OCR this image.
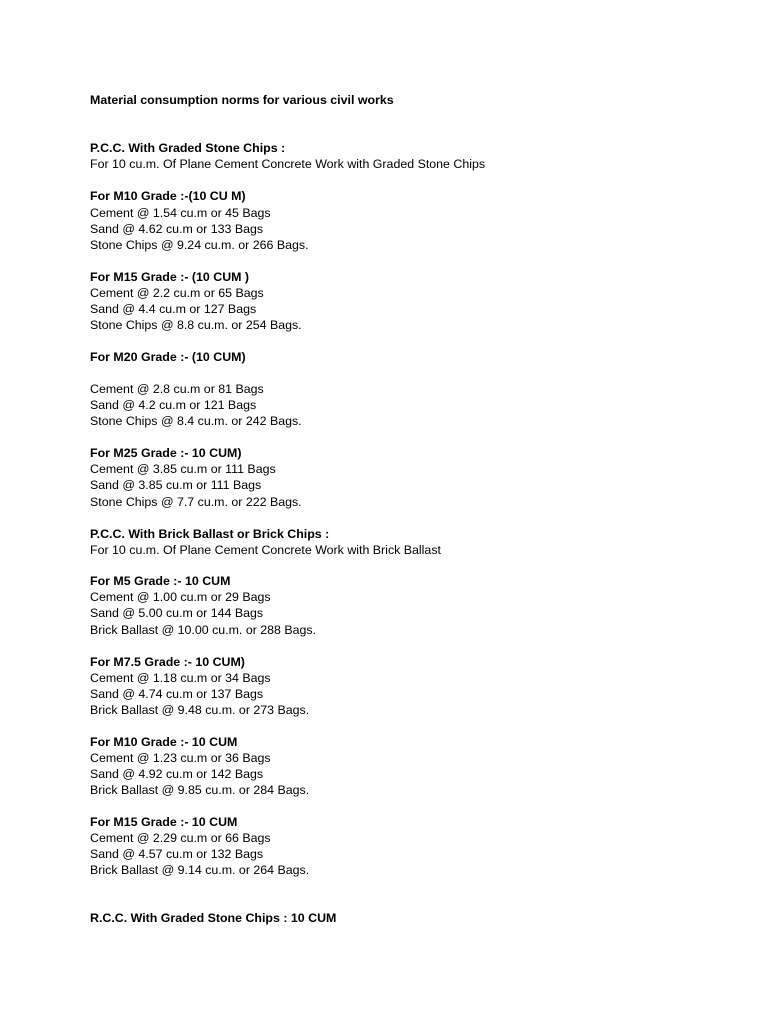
Material consumption norms for various civil works
P.C.C. With Graded Stone Chips :
For 10 cu.m. Of Plane Cement Concrete Work with Graded Stone Chips
For M10 Grade :-(10 CU M)
Cement @ 1.54 cu.m or 45 Bags
Sand @ 4.62 cu.m or 133 Bags
Stone Chips @ 9.24 cu.m. or 266 Bags.
For M15 Grade :- (10 CUM )
Cement @ 2.2 cu.m or 65 Bags
Sand @ 4.4 cu.m or 127 Bags
Stone Chips @ 8.8 cu.m. or 254 Bags.
For M20 Grade :- (10 CUM)
Cement @ 2.8 cu.m or 81 Bags
Sand @ 4.2 cu.m or 121 Bags
Stone Chips @ 8.4 cu.m. or 242 Bags.
For M25 Grade :- 10 CUM)
Cement @ 3.85 cu.m or 111 Bags
Sand @ 3.85 cu.m or 111 Bags
Stone Chips @ 7.7 cu.m. or 222 Bags.
P.C.C. With Brick Ballast or Brick Chips :
For 10 cu.m. Of Plane Cement Concrete Work with Brick Ballast
For M5 Grade :- 10 CUM
Cement @ 1.00 cu.m or 29 Bags
Sand @ 5.00 cu.m or 144 Bags
Brick Ballast @ 10.00 cu.m. or 288 Bags.
For M7.5 Grade :- 10 CUM)
Cement @ 1.18 cu.m or 34 Bags
Sand @ 4.74 cu.m or 137 Bags
Brick Ballast @ 9.48 cu.m. or 273 Bags.
For M10 Grade :- 10 CUM
Cement @ 1.23 cu.m or 36 Bags
Sand @ 4.92 cu.m or 142 Bags
Brick Ballast @ 9.85 cu.m. or 284 Bags.
For M15 Grade :- 10 CUM
Cement @ 2.29 cu.m or 66 Bags
Sand @ 4.57 cu.m or 132 Bags
Brick Ballast @ 9.14 cu.m. or 264 Bags.
R.C.C. With Graded Stone Chips : 10 CUM
